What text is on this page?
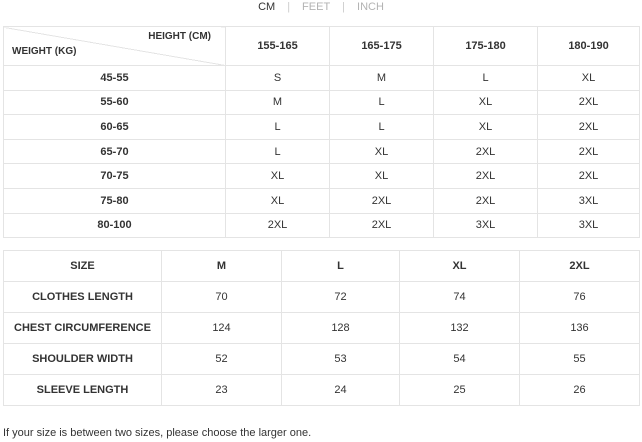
CM | FEET | INCH
HEIGHT (CM)
WEIGHT (KG)	155-165	165-175	175-180	180-190
45-55	S	M	L	XL
55-60	M	L	XL	2XL
60-65	L	L	XL	2XL
65-70	L	XL	2XL	2XL
70-75	XL	XL	2XL	2XL
75-80	XL	2XL	2XL	3XL
80-100	2XL	2XL	3XL	3XL
SIZE	M	L	XL	2XL
CLOTHES LENGTH	70	72	74	76
CHEST CIRCUMFERENCE	124	128	132	136
SHOULDER WIDTH	52	53	54	55
SLEEVE LENGTH	23	24	25	26
If your size is between two sizes, please choose the larger one.
